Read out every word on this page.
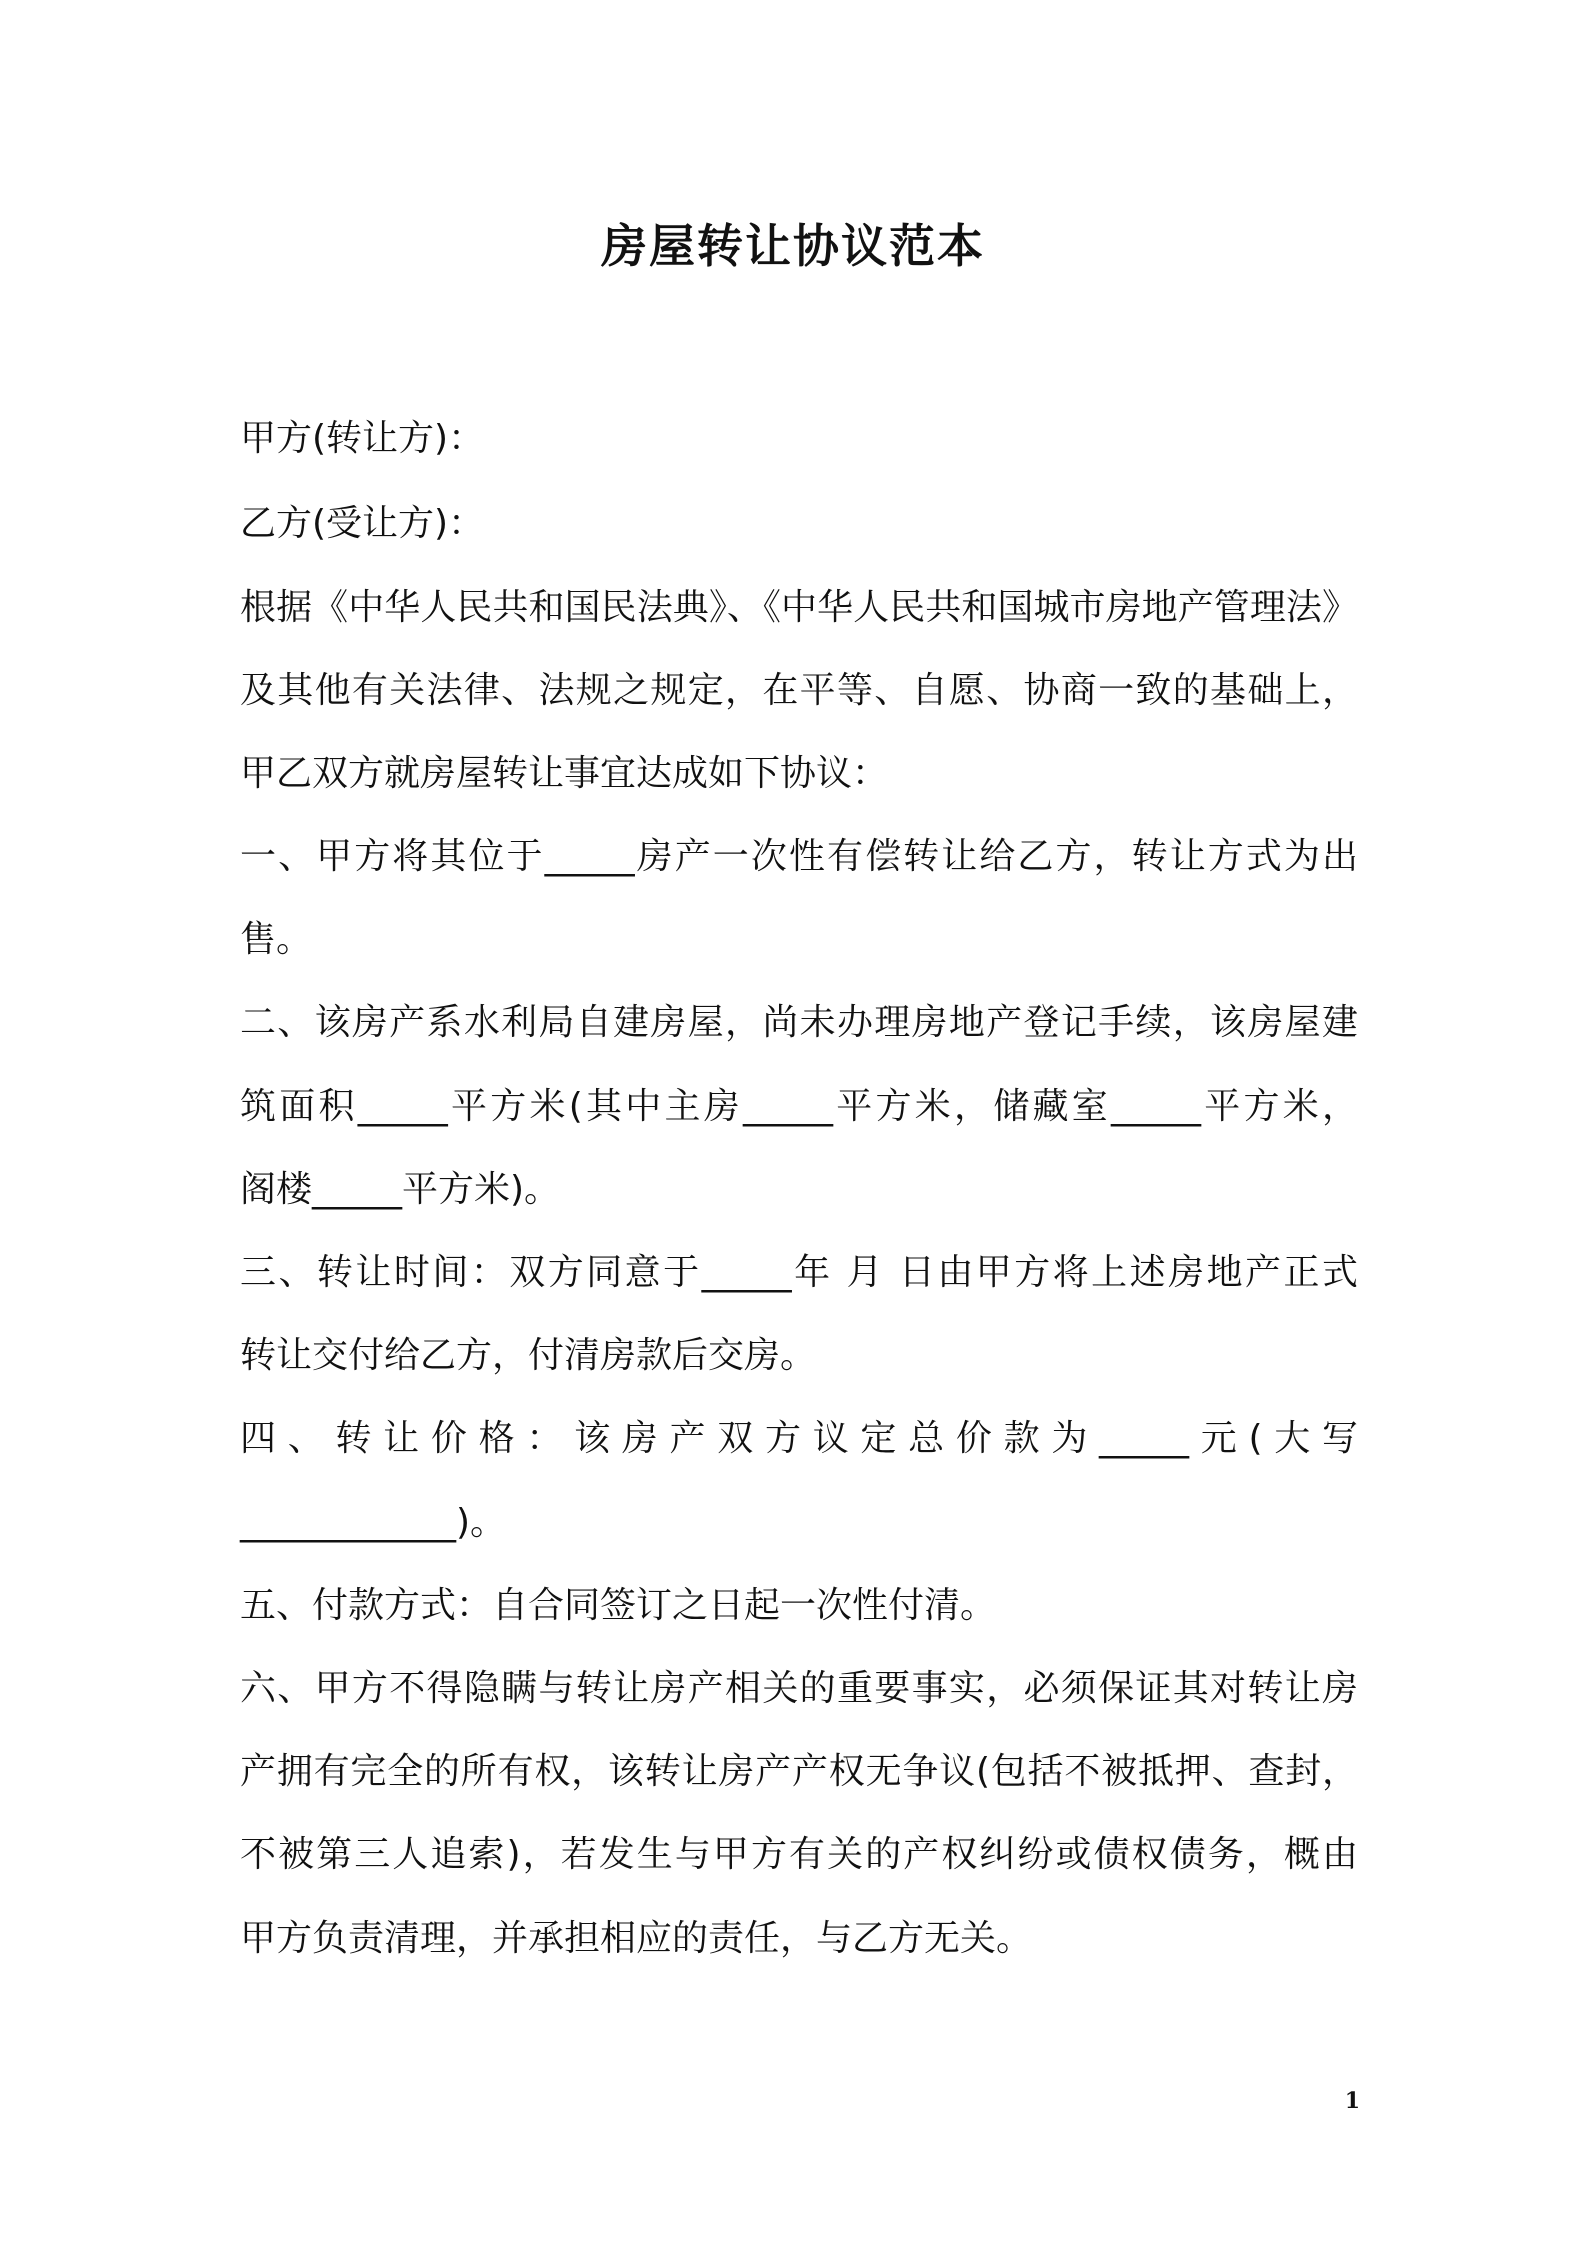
房屋转让协议范本
甲方(转让方)：
乙方(受让方)：
根据《中华人民共和国民法典》、《中华人民共和国城市房地产管理法》
及其他有关法律、法规之规定，在平等、自愿、协商一致的基础上，
甲乙双方就房屋转让事宜达成如下协议：
一、甲方将其位于_____房产一次性有偿转让给乙方，转让方式为出
售。
二、该房产系水利局自建房屋，尚未办理房地产登记手续，该房屋建
筑面积_____平方米(其中主房_____平方米，储藏室_____平方米，
阁楼_____平方米)。
三、转让时间：双方同意于_____年 月 日由甲方将上述房地产正式
转让交付给乙方，付清房款后交房。
四、转让价格：该房产双方议定总价款为_____元(大写
____________)。
五、付款方式：自合同签订之日起一次性付清。
六、甲方不得隐瞒与转让房产相关的重要事实，必须保证其对转让房
产拥有完全的所有权，该转让房产产权无争议(包括不被抵押、查封，
不被第三人追索)，若发生与甲方有关的产权纠纷或债权债务，概由
甲方负责清理，并承担相应的责任，与乙方无关。
1
